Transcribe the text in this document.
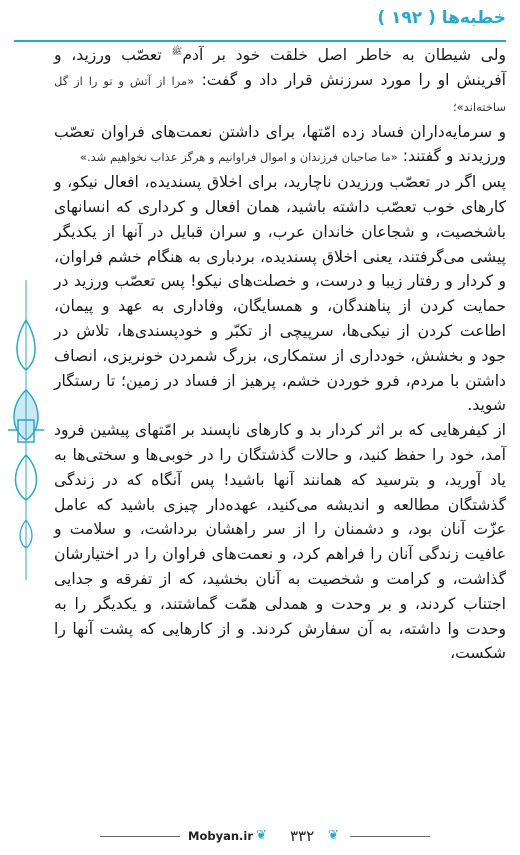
خطبه‌ها ( ۱۹۲ )

ولی شیطان به خاطر اصل خلقت خود بر آدم$^ﷺ$ تعصّب ورزید، و آفرینش او را مورد سرزنش قرار داد و گفت: «مرا از آتش و تو را از گل ساخته‌اند»؛

و سرمایه‌داران فساد زده امّتها، برای داشتن نعمت‌های فراوان تعصّب ورزیدند و گفتند: «ما صاحبان فرزندان و اموال فراوانیم و هرگز عذاب نخواهیم شد.»

پس اگر در تعصّب ورزیدن ناچارید، برای اخلاق پسندیده، افعال نیکو، و کارهای خوب تعصّب داشته باشید، همان افعال و کرداری که انسانهای باشخصیت، و شجاعان خاندان عرب، و سران قبایل در آنها از یکدیگر پیشی می‌گرفتند، یعنی اخلاق پسندیده، بردباری به هنگام خشم فراوان، و کردار و رفتار زیبا و درست، و خصلت‌های نیکو! پس تعصّب ورزید در حمایت کردن از پناهندگان، و همسایگان، وفاداری به عهد و پیمان، اطاعت کردن از نیکی‌ها، سرپیچی از تکبّر و خودپسندی‌ها، تلاش در جود و بخشش، خودداری از ستمکاری، بزرگ شمردن خونریزی، انصاف داشتن با مردم، فرو خوردن خشم، پرهیز از فساد در زمین؛ تا رستگار شوید.

از کیفرهایی که بر اثر کردار بد و کارهای ناپسند بر امّتهای پیشین فرود آمد، خود را حفظ کنید، و حالات گذشتگان را در خوبی‌ها و سختی‌ها به یاد آورید، و بترسید که همانند آنها باشید! پس آنگاه که در زندگی گذشتگان مطالعه و اندیشه می‌کنید، عهده‌دار چیزی باشید که عامل عزّت آنان بود، و دشمنان را از سر راهشان برداشت، و سلامت و عافیت زندگی آنان را فراهم کرد، و نعمت‌های فراوان را در اختیارشان گذاشت، و کرامت و شخصیت به آنان بخشید، که از تفرقه و جدایی اجتناب کردند، و بر وحدت و همدلی همّت گماشتند، و یکدیگر را به وحدت وا داشته، به آن سفارش کردند. و از کارهایی که پشت آنها را شکست،

Mobyan.ir ❦ ۳۳۲ ❦
